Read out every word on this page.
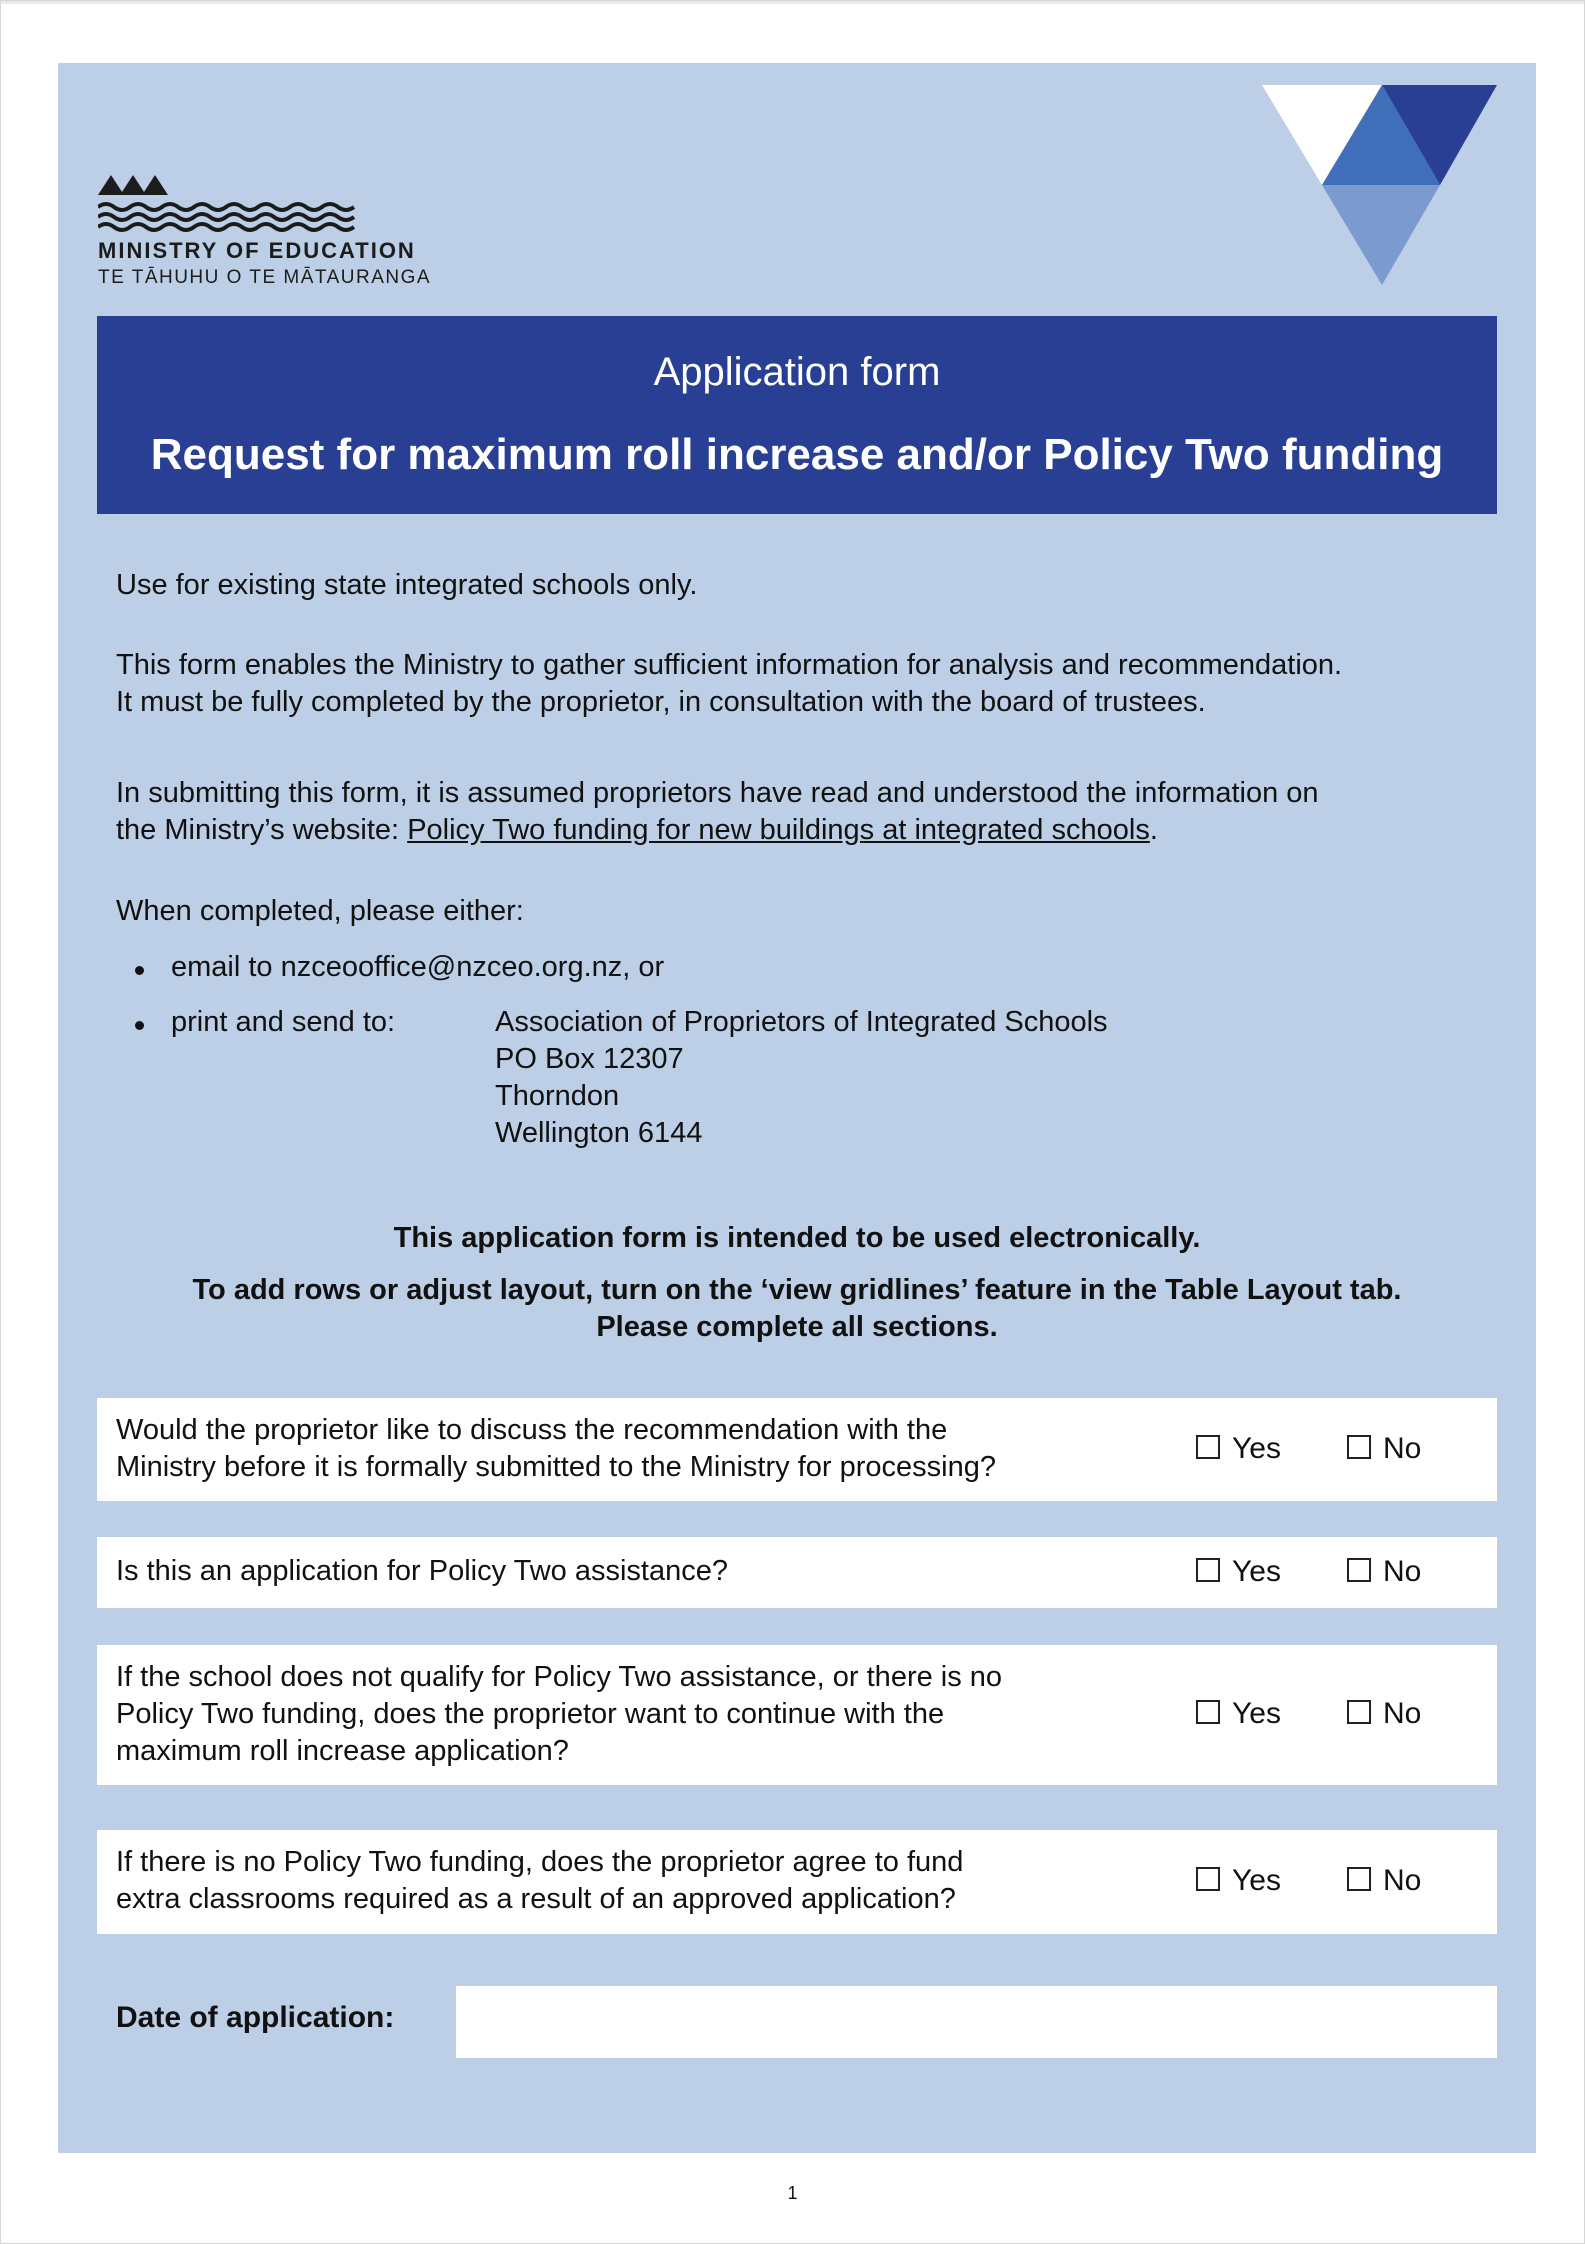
MINISTRY OF EDUCATION
TE TĀHUHU O TE MĀTAURANGA
Application form
Request for maximum roll increase and/or Policy Two funding
Use for existing state integrated schools only.
This form enables the Ministry to gather sufficient information for analysis and recommendation.
It must be fully completed by the proprietor, in consultation with the board of trustees.
In submitting this form, it is assumed proprietors have read and understood the information on
the Ministry’s website: Policy Two funding for new buildings at integrated schools.
When completed, please either:
email to nzceooffice@nzceo.org.nz, or
print and send to:	Association of Proprietors of Integrated Schools
PO Box 12307
Thorndon
Wellington 6144
This application form is intended to be used electronically.
To add rows or adjust layout, turn on the ‘view gridlines’ feature in the Table Layout tab.
Please complete all sections.
Would the proprietor like to discuss the recommendation with the
Ministry before it is formally submitted to the Ministry for processing?
Yes	No
Is this an application for Policy Two assistance?	Yes	No
If the school does not qualify for Policy Two assistance, or there is no
Policy Two funding, does the proprietor want to continue with the
maximum roll increase application?
Yes	No
If there is no Policy Two funding, does the proprietor agree to fund
extra classrooms required as a result of an approved application?
Yes	No
Date of application:
1
